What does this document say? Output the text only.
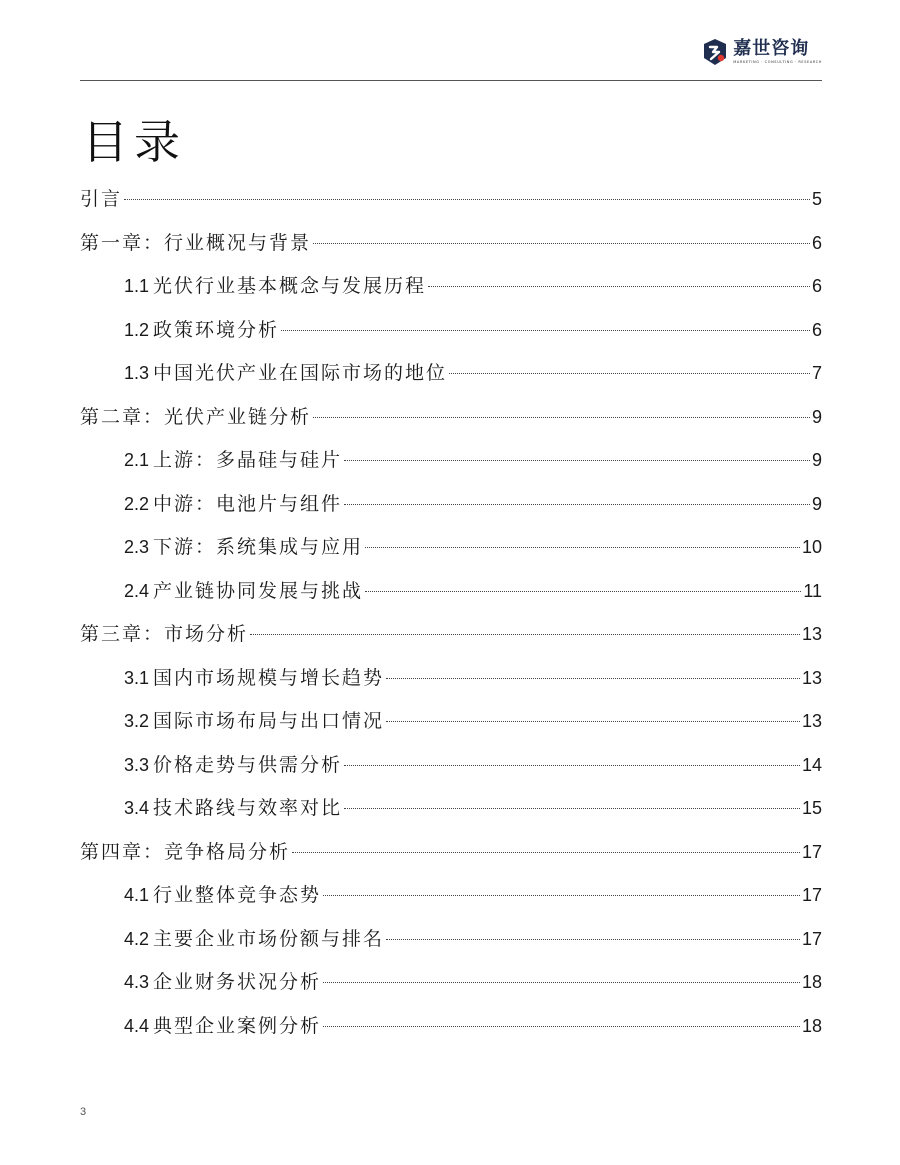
嘉世咨询
MARKETING · CONSULTING · RESEARCH
目录
引言	5
第一章：行业概况与背景	6
1.1 光伏行业基本概念与发展历程	6
1.2 政策环境分析	6
1.3 中国光伏产业在国际市场的地位	7
第二章：光伏产业链分析	9
2.1 上游：多晶硅与硅片	9
2.2 中游：电池片与组件	9
2.3 下游：系统集成与应用	10
2.4 产业链协同发展与挑战	11
第三章：市场分析	13
3.1 国内市场规模与增长趋势	13
3.2 国际市场布局与出口情况	13
3.3 价格走势与供需分析	14
3.4 技术路线与效率对比	15
第四章：竞争格局分析	17
4.1 行业整体竞争态势	17
4.2 主要企业市场份额与排名	17
4.3 企业财务状况分析	18
4.4 典型企业案例分析	18
3
